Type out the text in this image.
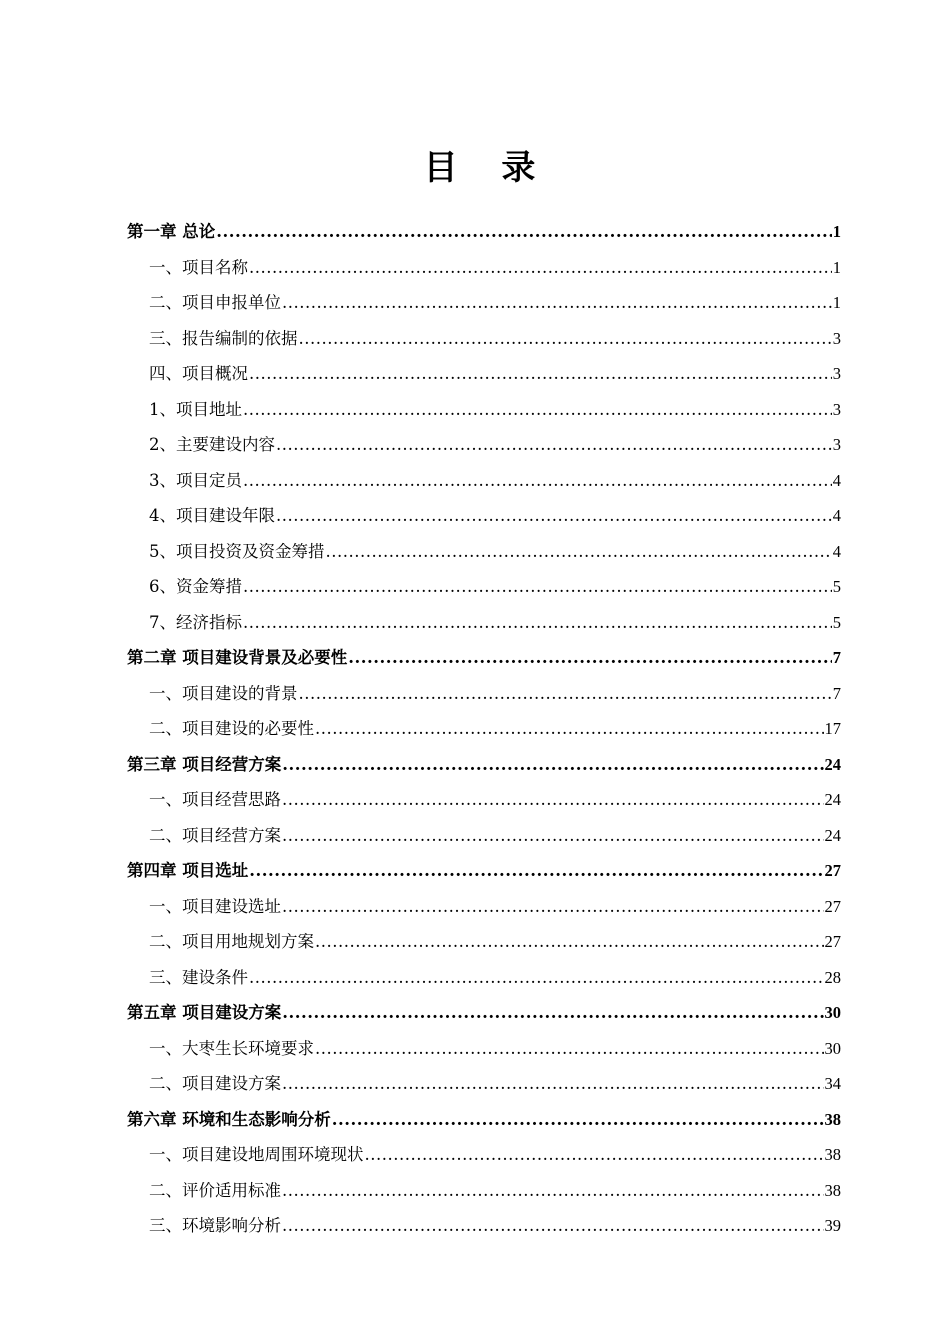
目 录
第一章 总论 .....	1
一、项目名称 .....	1
二、项目申报单位 .....	1
三、报告编制的依据 .....	3
四、项目概况 .....	3
1、项目地址 .....	3
2、主要建设内容 .....	3
3、项目定员 .....	4
4、项目建设年限 .....	4
5、项目投资及资金筹措 .....	4
6、资金筹措 .....	5
7、经济指标 .....	5
第二章 项目建设背景及必要性 .....	7
一、项目建设的背景 .....	7
二、项目建设的必要性 .....	17
第三章 项目经营方案 .....	24
一、项目经营思路 .....	24
二、项目经营方案 .....	24
第四章 项目选址 .....	27
一、项目建设选址 .....	27
二、项目用地规划方案 .....	27
三、建设条件 .....	28
第五章 项目建设方案 .....	30
一、大枣生长环境要求 .....	30
二、项目建设方案 .....	34
第六章 环境和生态影响分析 .....	38
一、项目建设地周围环境现状 .....	38
二、评价适用标准 .....	38
三、环境影响分析 .....	39
